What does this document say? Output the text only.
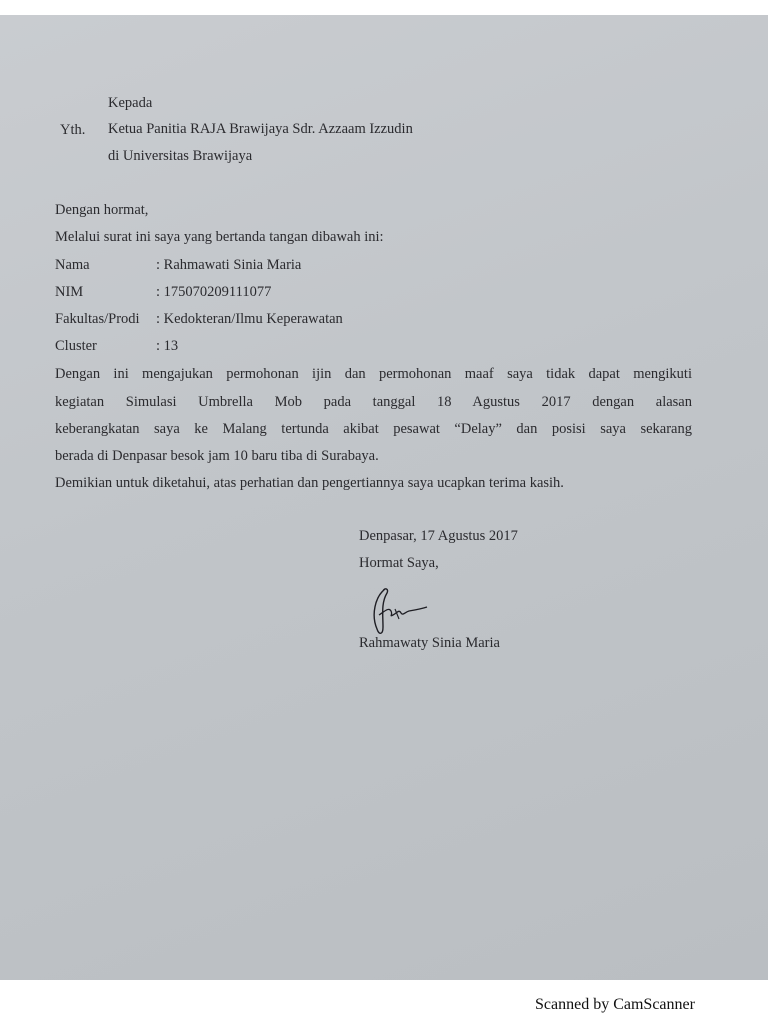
Kepada
Yth. Ketua Panitia RAJA Brawijaya Sdr. Azzaam Izzudin
di Universitas Brawijaya
Dengan hormat,
Melalui surat ini saya yang bertanda tangan dibawah ini:
Nama	: Rahmawati Sinia Maria
NIM	: 175070209111077
Fakultas/Prodi : Kedokteran/Ilmu Keperawatan
Cluster	: 13
Dengan ini mengajukan permohonan ijin dan permohonan maaf saya tidak dapat mengikuti
kegiatan Simulasi Umbrella Mob pada tanggal 18 Agustus 2017 dengan alasan
keberangkatan saya ke Malang tertunda akibat pesawat “Delay” dan posisi saya sekarang
berada di Denpasar besok jam 10 baru tiba di Surabaya.
Demikian untuk diketahui, atas perhatian dan pengertiannya saya ucapkan terima kasih.
Denpasar, 17 Agustus 2017
Hormat Saya,
Rahmawaty Sinia Maria
Scanned by CamScanner
